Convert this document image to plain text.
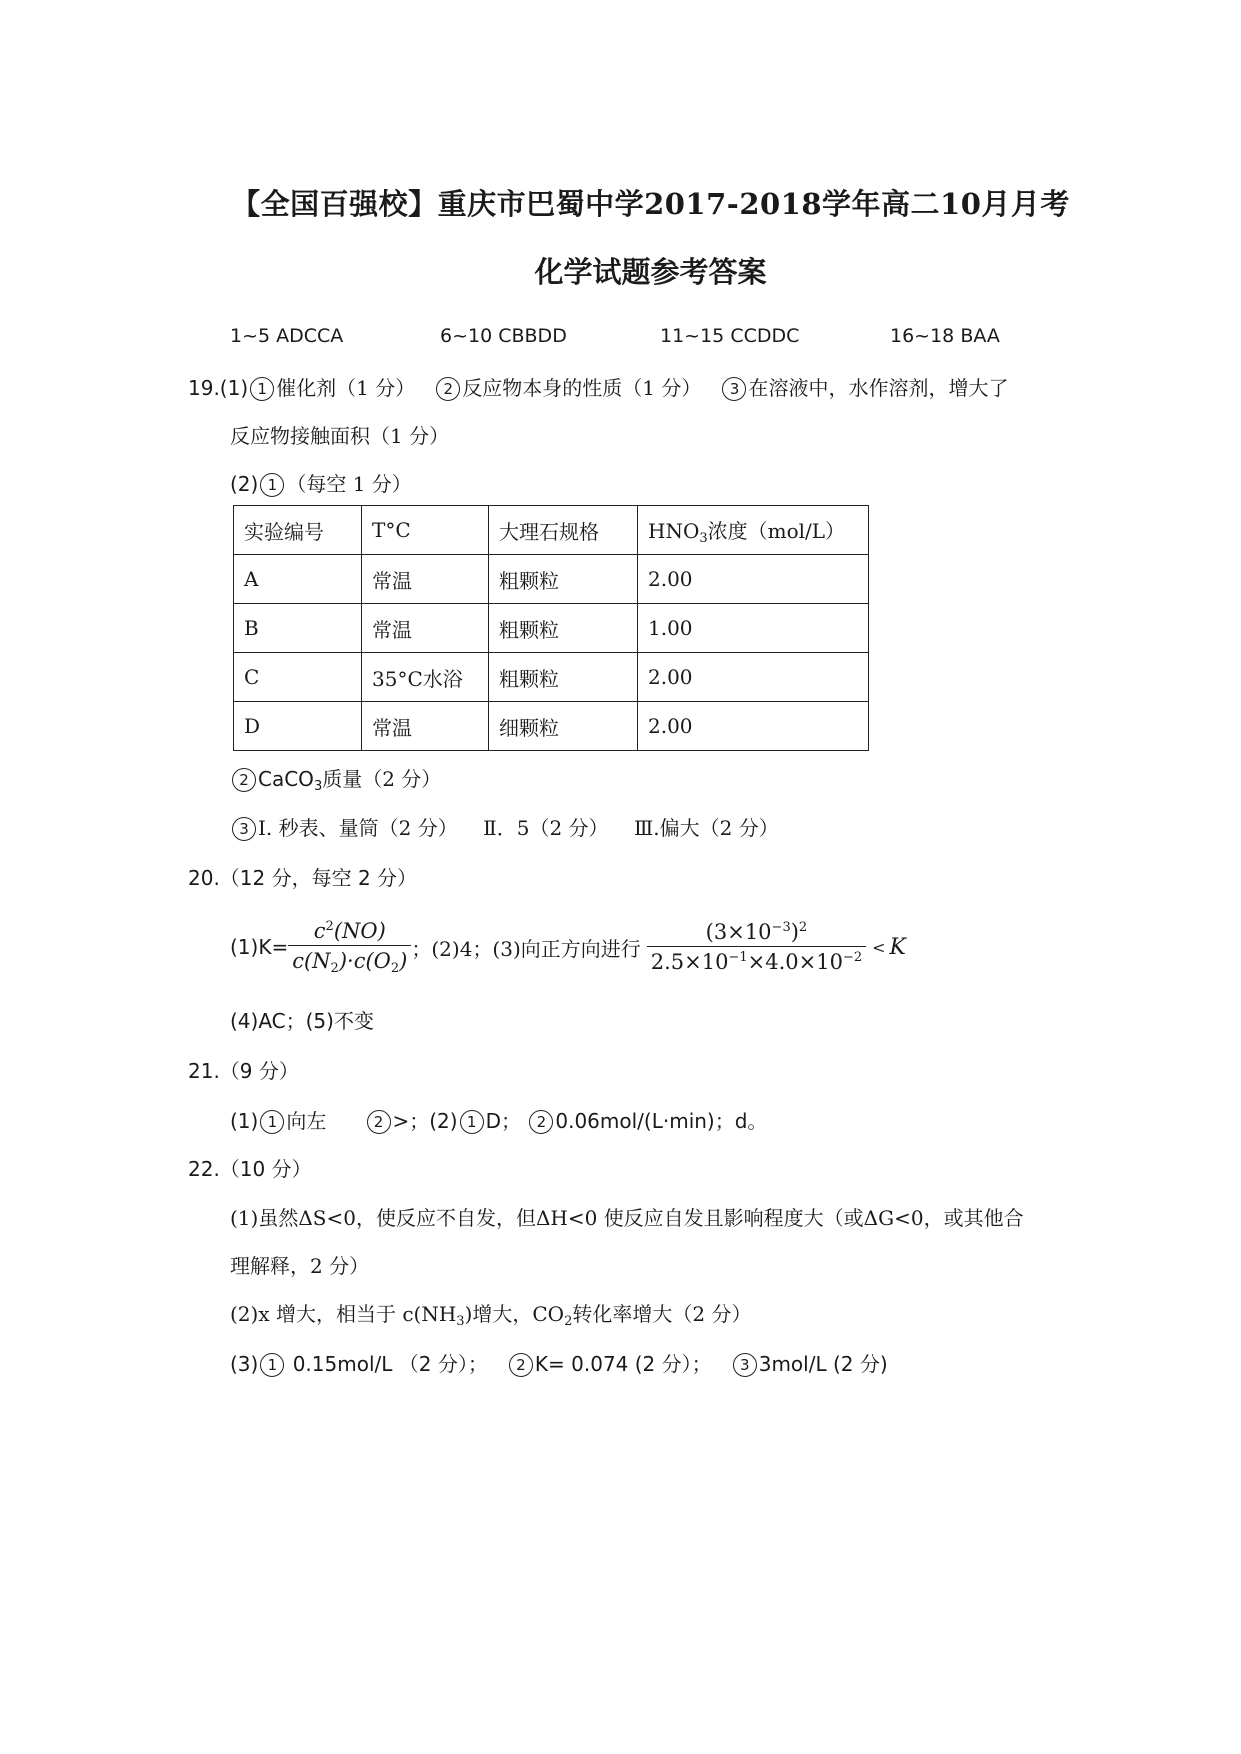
【全国百强校】重庆市巴蜀中学2017-2018学年高二10月月考
化学试题参考答案
1~5 ADCCA	6~10 CBBDD	11~15 CCDDC	16~18 BAA
19.(1) 1 催化剂（1 分） 2 反应物本身的性质（1 分） 3 在溶液中，水作溶剂，增大了
反应物接触面积（1 分）
(2) 1 （每空 1 分）
实验编号	T°C	大理石规格	$HNO_3$浓度（mol/L）
A	常温	粗颗粒	2.00
B	常温	粗颗粒	1.00
C	35°C水浴	粗颗粒	2.00
D	常温	细颗粒	2.00
2 CaCO$_3$质量（2 分）
3 Ⅰ. 秒表、量筒（2 分） Ⅱ．5（2 分） Ⅲ.偏大（2 分）
20.（12 分，每空 2 分）
$(1)K= \frac{c^2(NO)}{c(N_2)\cdot c(O_2)}$ ；(2)4；(3)向正方向进行 $\frac{(3\times 10^{-3})^2}{2.5\times 10^{-1}\times 4.0\times 10^{-2}} < K$
(4)AC；(5)不变
21.（9 分）
(1) 1 向左	2 >；(2) 1 D； 2 0.06mol/(L·min)；d。
22.（10 分）
(1)虽然ΔS<0，使反应不自发，但ΔH<0 使反应自发且影响程度大（或ΔG<0，或其他合
理解释，2 分）
(2)x 增大，相当于 $c(NH_3)$增大，$CO_2$转化率增大（2 分）
(3) 1 0.15mol/L （2 分）； 2 K= 0.074 (2 分）； 3 3mol/L (2 分)
